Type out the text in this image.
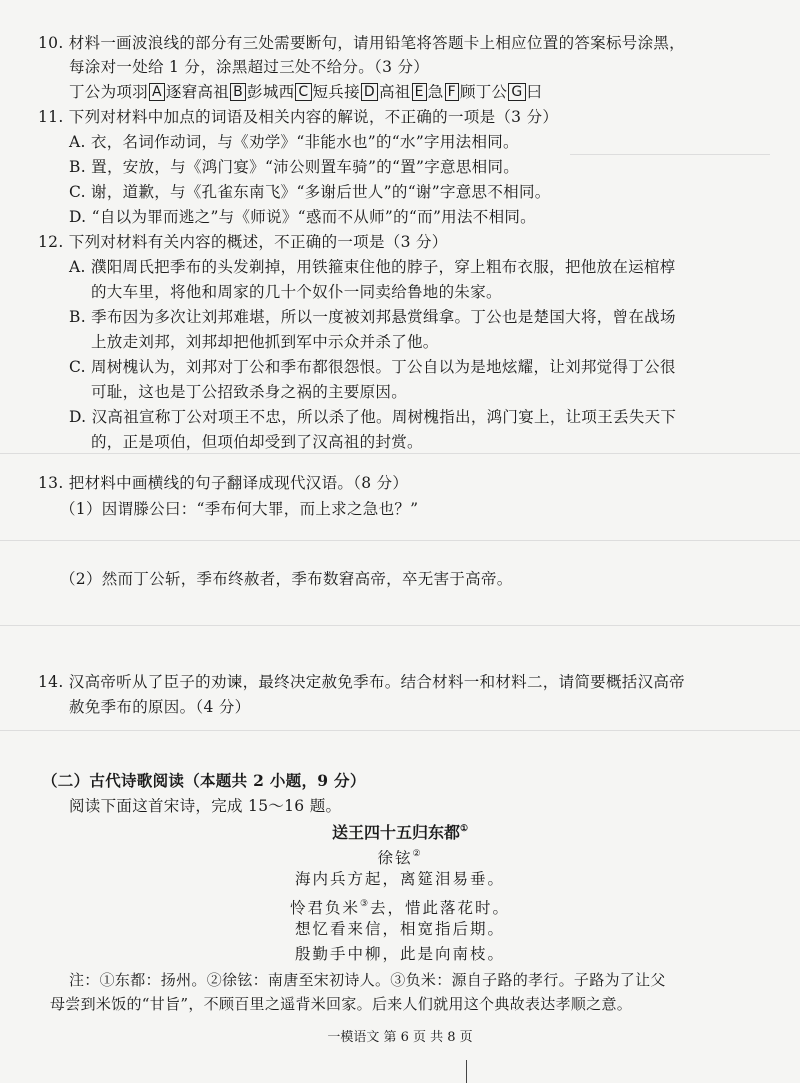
10. 材料一画波浪线的部分有三处需要断句，请用铅笔将答题卡上相应位置的答案标号涂黑，
每涂对一处给 1 分，涂黑超过三处不给分。（3 分）
丁公为项羽 A 逐窘高祖 B 彭城西 C 短兵接 D 高祖 E 急 F 顾丁公 G 曰
11. 下列对材料中加点的词语及相关内容的解说，不正确的一项是（3 分）
A. 衣，名词作动词，与《劝学》“非能水也”的“水”字用法相同。
B. 置，安放，与《鸿门宴》“沛公则置车骑”的“置”字意思相同。
C. 谢，道歉，与《孔雀东南飞》“多谢后世人”的“谢”字意思不相同。
D. “自以为罪而逃之”与《师说》“惑而不从师”的“而”用法不相同。
12. 下列对材料有关内容的概述，不正确的一项是（3 分）
A. 濮阳周氏把季布的头发剃掉，用铁箍束住他的脖子，穿上粗布衣服，把他放在运棺椁
的大车里，将他和周家的几十个奴仆一同卖给鲁地的朱家。
B. 季布因为多次让刘邦难堪，所以一度被刘邦悬赏缉拿。丁公也是楚国大将，曾在战场
上放走刘邦，刘邦却把他抓到军中示众并杀了他。
C. 周树槐认为，刘邦对丁公和季布都很怨恨。丁公自以为是地炫耀，让刘邦觉得丁公很
可耻，这也是丁公招致杀身之祸的主要原因。
D. 汉高祖宣称丁公对项王不忠，所以杀了他。周树槐指出，鸿门宴上，让项王丢失天下
的，正是项伯，但项伯却受到了汉高祖的封赏。
13. 把材料中画横线的句子翻译成现代汉语。（8 分）
（1）因谓滕公曰：“季布何大罪，而上求之急也？”
（2）然而丁公斩，季布终赦者，季布数窘高帝，卒无害于高帝。
14. 汉高帝听从了臣子的劝谏，最终决定赦免季布。结合材料一和材料二，请简要概括汉高帝
赦免季布的原因。（4 分）
（二）古代诗歌阅读（本题共 2 小题，9 分）
阅读下面这首宋诗，完成 15～16 题。
送王四十五归东都①
徐铉②
海内兵方起，离筵泪易垂。
怜君负米③去，惜此落花时。
想忆看来信，相宽指后期。
殷勤手中柳，此是向南枝。
注：①东都：扬州。②徐铉：南唐至宋初诗人。③负米：源自子路的孝行。子路为了让父
母尝到米饭的“甘旨”，不顾百里之遥背米回家。后来人们就用这个典故表达孝顺之意。
一模语文 第 6 页 共 8 页
